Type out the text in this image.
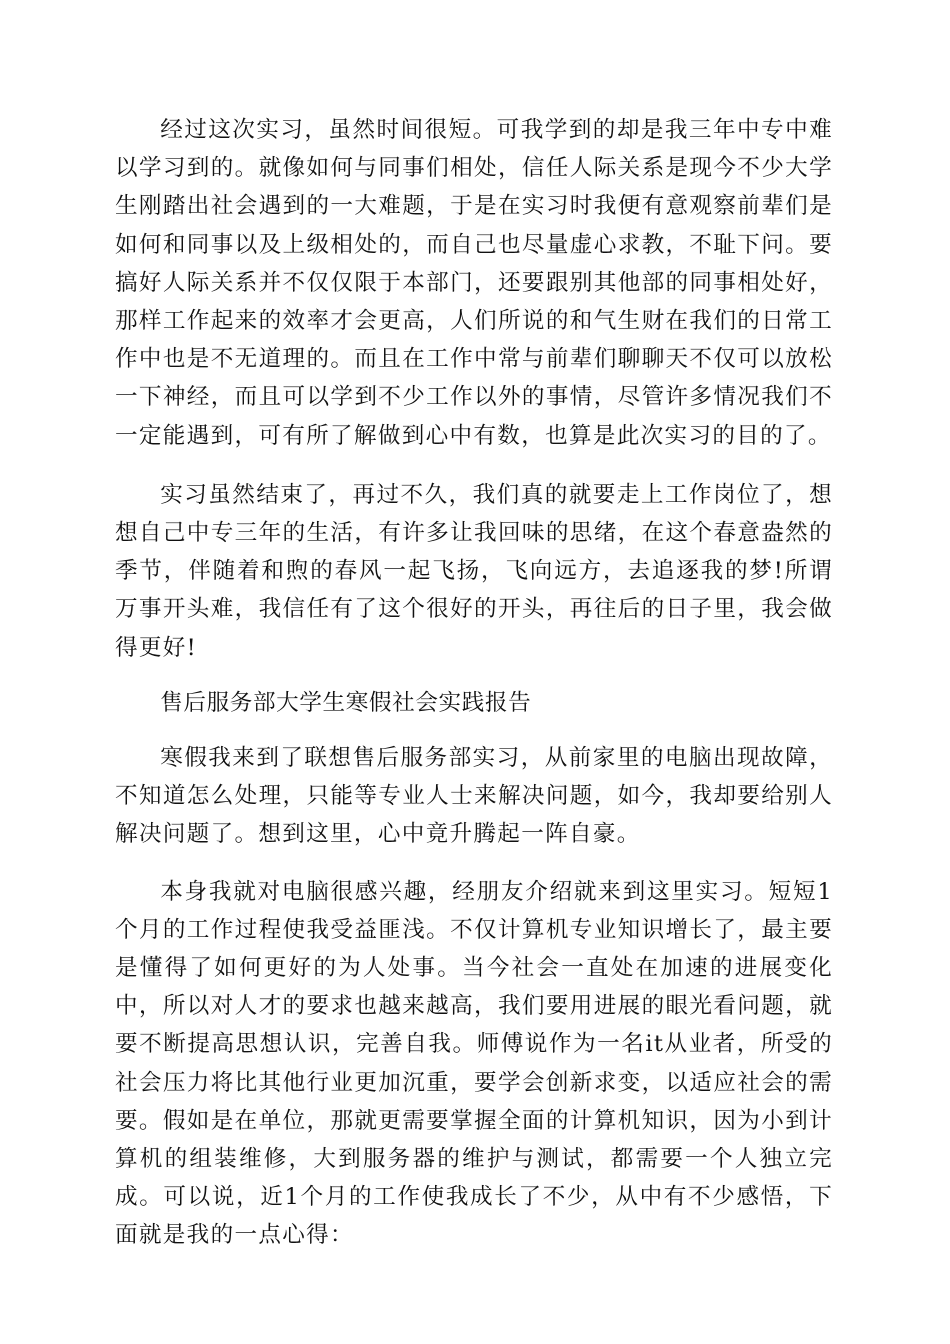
经过这次实习，虽然时间很短。可我学到的却是我三年中专中难以学习到的。就像如何与同事们相处，信任人际关系是现今不少大学生刚踏出社会遇到的一大难题，于是在实习时我便有意观察前辈们是如何和同事以及上级相处的，而自己也尽量虚心求教，不耻下问。要搞好人际关系并不仅仅限于本部门，还要跟别其他部的同事相处好，那样工作起来的效率才会更高，人们所说的和气生财在我们的日常工作中也是不无道理的。而且在工作中常与前辈们聊聊天不仅可以放松一下神经，而且可以学到不少工作以外的事情，尽管许多情况我们不一定能遇到，可有所了解做到心中有数，也算是此次实习的目的了。

实习虽然结束了，再过不久，我们真的就要走上工作岗位了，想想自己中专三年的生活，有许多让我回味的思绪，在这个春意盎然的季节，伴随着和煦的春风一起飞扬，飞向远方，去追逐我的梦!所谓万事开头难，我信任有了这个很好的开头，再往后的日子里，我会做得更好!

售后服务部大学生寒假社会实践报告

寒假我来到了联想售后服务部实习，从前家里的电脑出现故障，不知道怎么处理，只能等专业人士来解决问题，如今，我却要给别人解决问题了。想到这里，心中竟升腾起一阵自豪。

本身我就对电脑很感兴趣，经朋友介绍就来到这里实习。短短1个月的工作过程使我受益匪浅。不仅计算机专业知识增长了，最主要是懂得了如何更好的为人处事。当今社会一直处在加速的进展变化中，所以对人才的要求也越来越高，我们要用进展的眼光看问题，就要不断提高思想认识，完善自我。师傅说作为一名it从业者，所受的社会压力将比其他行业更加沉重，要学会创新求变，以适应社会的需要。假如是在单位，那就更需要掌握全面的计算机知识，因为小到计算机的组装维修，大到服务器的维护与测试，都需要一个人独立完成。可以说，近1个月的工作使我成长了不少，从中有不少感悟，下面就是我的一点心得：
